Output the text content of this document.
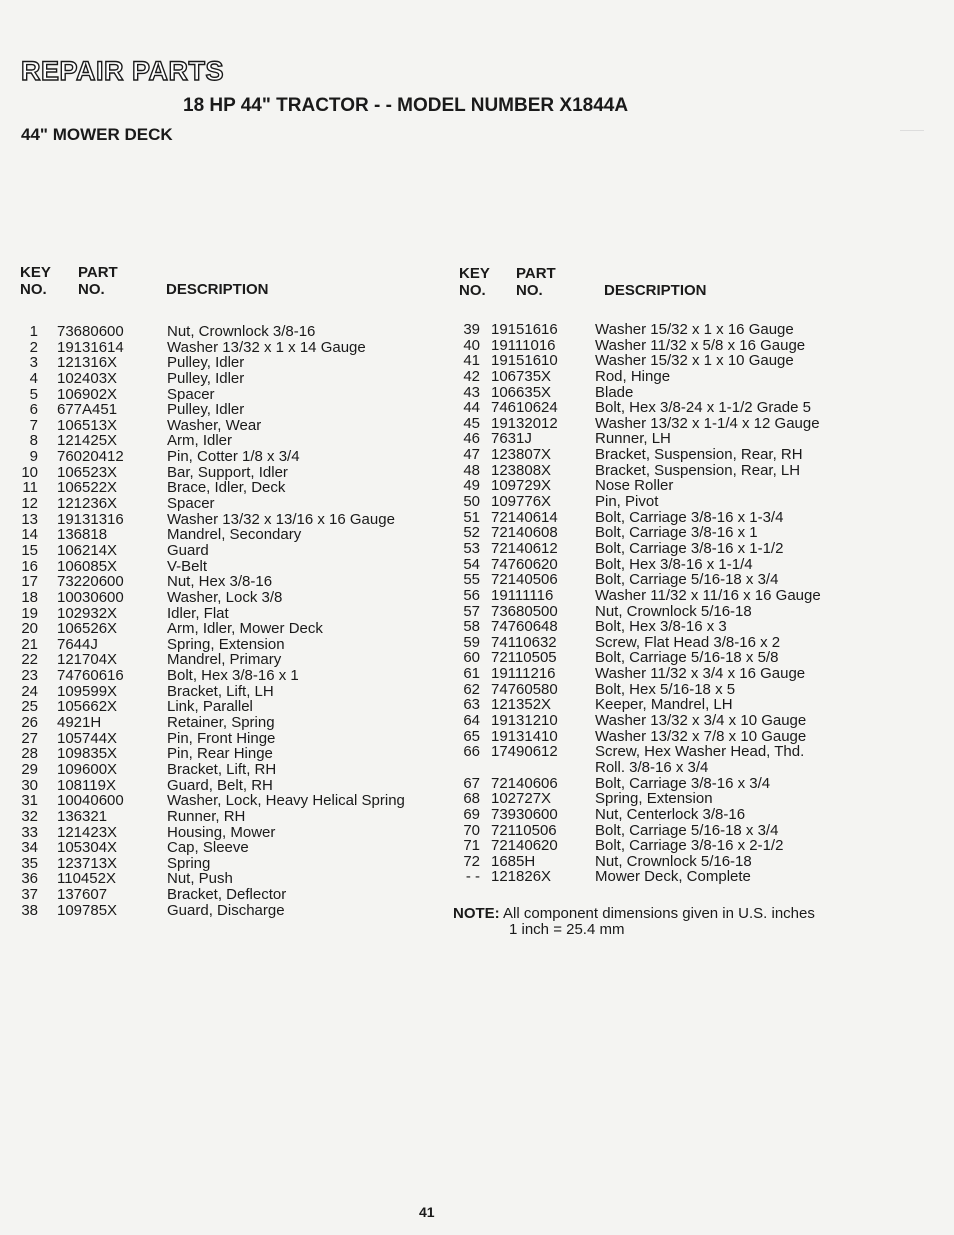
REPAIR PARTS
18 HP 44" TRACTOR - - MODEL NUMBER X1844A
44" MOWER DECK
KEY
NO.
PART
NO.	DESCRIPTION
KEY
NO.
PART
NO.	DESCRIPTION
1 73680600	Nut, Crownlock 3/8-16
2 19131614	Washer 13/32 x 1 x 14 Gauge
3 121316X	Pulley, Idler
4 102403X	Pulley, Idler
5 106902X	Spacer
6 677A451	Pulley, Idler
7 106513X	Washer, Wear
8 121425X	Arm, Idler
9 76020412	Pin, Cotter 1/8 x 3/4
10 106523X	Bar, Support, Idler
11 106522X	Brace, Idler, Deck
12 121236X	Spacer
13 19131316	Washer 13/32 x 13/16 x 16 Gauge
14 136818	Mandrel, Secondary
15 106214X	Guard
16 106085X	V-Belt
17 73220600	Nut, Hex 3/8-16
18 10030600	Washer, Lock 3/8
19 102932X	Idler, Flat
20 106526X	Arm, Idler, Mower Deck
21 7644J	Spring, Extension
22 121704X	Mandrel, Primary
23 74760616	Bolt, Hex 3/8-16 x 1
24 109599X	Bracket, Lift, LH
25 105662X	Link, Parallel
26 4921H	Retainer, Spring
27 105744X	Pin, Front Hinge
28 109835X	Pin, Rear Hinge
29 109600X	Bracket, Lift, RH
30 108119X	Guard, Belt, RH
31 10040600	Washer, Lock, Heavy Helical Spring
32 136321	Runner, RH
33 121423X	Housing, Mower
34 105304X	Cap, Sleeve
35 123713X	Spring
36 110452X	Nut, Push
37 137607	Bracket, Deflector
38 109785X	Guard, Discharge
39 19151616	Washer 15/32 x 1 x 16 Gauge
40 19111016	Washer 11/32 x 5/8 x 16 Gauge
41 19151610	Washer 15/32 x 1 x 10 Gauge
42 106735X	Rod, Hinge
43 106635X	Blade
44 74610624	Bolt, Hex 3/8-24 x 1-1/2 Grade 5
45 19132012	Washer 13/32 x 1-1/4 x 12 Gauge
46 7631J	Runner, LH
47 123807X	Bracket, Suspension, Rear, RH
48 123808X	Bracket, Suspension, Rear, LH
49 109729X	Nose Roller
50 109776X	Pin, Pivot
51 72140614	Bolt, Carriage 3/8-16 x 1-3/4
52 72140608	Bolt, Carriage 3/8-16 x 1
53 72140612	Bolt, Carriage 3/8-16 x 1-1/2
54 74760620	Bolt, Hex 3/8-16 x 1-1/4
55 72140506	Bolt, Carriage 5/16-18 x 3/4
56 19111116	Washer 11/32 x 11/16 x 16 Gauge
57 73680500	Nut, Crownlock 5/16-18
58 74760648	Bolt, Hex 3/8-16 x 3
59 74110632	Screw, Flat Head 3/8-16 x 2
60 72110505	Bolt, Carriage 5/16-18 x 5/8
61 19111216	Washer 11/32 x 3/4 x 16 Gauge
62 74760580	Bolt, Hex 5/16-18 x 5
63 121352X	Keeper, Mandrel, LH
64 19131210	Washer 13/32 x 3/4 x 10 Gauge
65 19131410	Washer 13/32 x 7/8 x 10 Gauge
66 17490612	Screw, Hex Washer Head, Thd.
Roll. 3/8-16 x 3/4
67 72140606	Bolt, Carriage 3/8-16 x 3/4
68 102727X	Spring, Extension
69 73930600	Nut, Centerlock 3/8-16
70 72110506	Bolt, Carriage 5/16-18 x 3/4
71 72140620	Bolt, Carriage 3/8-16 x 2-1/2
72 1685H	Nut, Crownlock 5/16-18
- - 121826X	Mower Deck, Complete
NOTE: All component dimensions given in U.S. inches
1 inch = 25.4 mm
41
